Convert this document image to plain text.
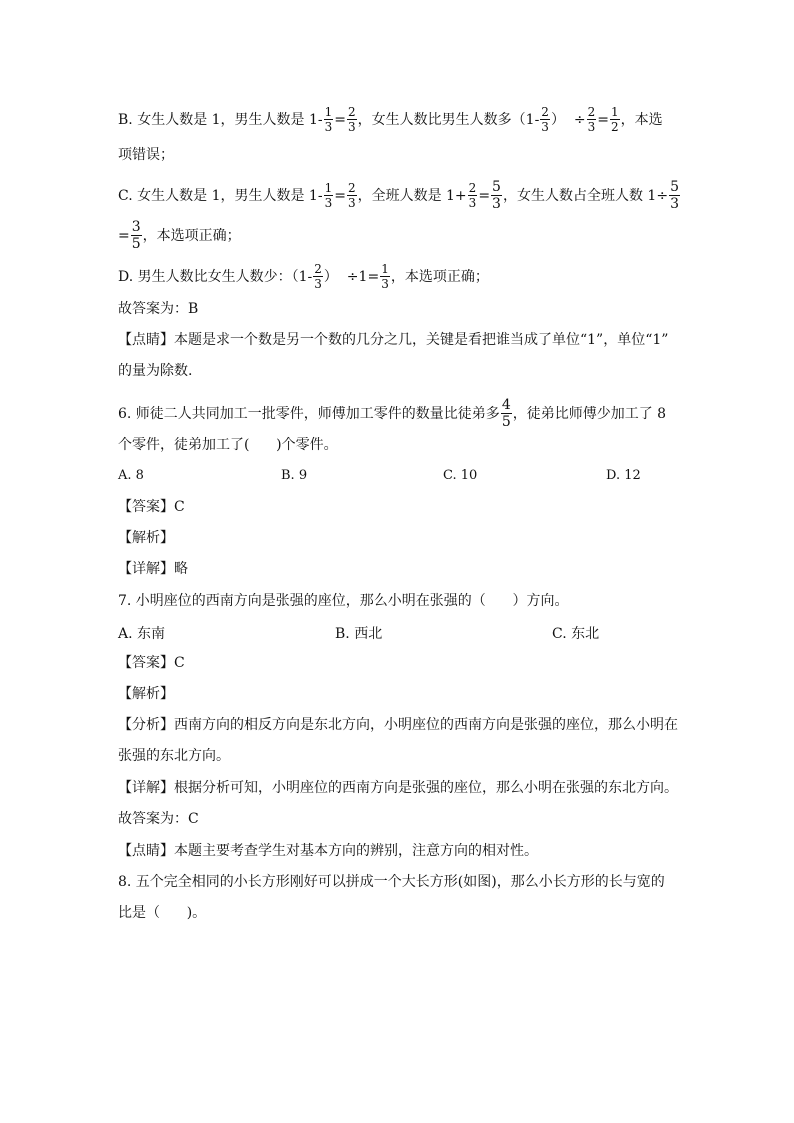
B. 女生人数是 1，男生人数是 $1- \frac{1}{3} = \frac{2}{3}$ ，女生人数比男生人数多（$1- \frac{2}{3}$ ）  ÷ $\frac{2}{3} = \frac{1}{2}$ ，本选
项错误；
C. 女生人数是 1，男生人数是 $1- \frac{1}{3} = \frac{2}{3}$ ，全班人数是 $1+ \frac{2}{3} = \frac{5}{3}$ ，女生人数占全班人数 $1\div \frac{5}{3}$
= $\frac{3}{5}$ ，本选项正确；
D. 男生人数比女生人数少：（$1- \frac{2}{3}$ ）  $\div 1= \frac{1}{3}$ ，本选项正确；
故答案为：B
【点睛】本题是求一个数是另一个数的几分之几，关键是看把谁当成了单位“1”，单位“1”
的量为除数.
6. 师徒二人共同加工一批零件，师傅加工零件的数量比徒弟多 $\frac{4}{5}$ ，徒弟比师傅少加工了 8
个零件，徒弟加工了(      )个零件。
A. 8	B. 9	C. 10	D. 12
【答案】C
【解析】
【详解】略
7. 小明座位的西南方向是张强的座位，那么小明在张强的（      ）方向。
A. 东南	B. 西北	C. 东北
【答案】C
【解析】
【分析】西南方向的相反方向是东北方向，小明座位的西南方向是张强的座位，那么小明在
张强的东北方向。
【详解】根据分析可知，小明座位的西南方向是张强的座位，那么小明在张强的东北方向。
故答案为：C
【点睛】本题主要考查学生对基本方向的辨别，注意方向的相对性。
8. 五个完全相同的小长方形刚好可以拼成一个大长方形(如图)，那么小长方形的长与宽的
比是（      )。
